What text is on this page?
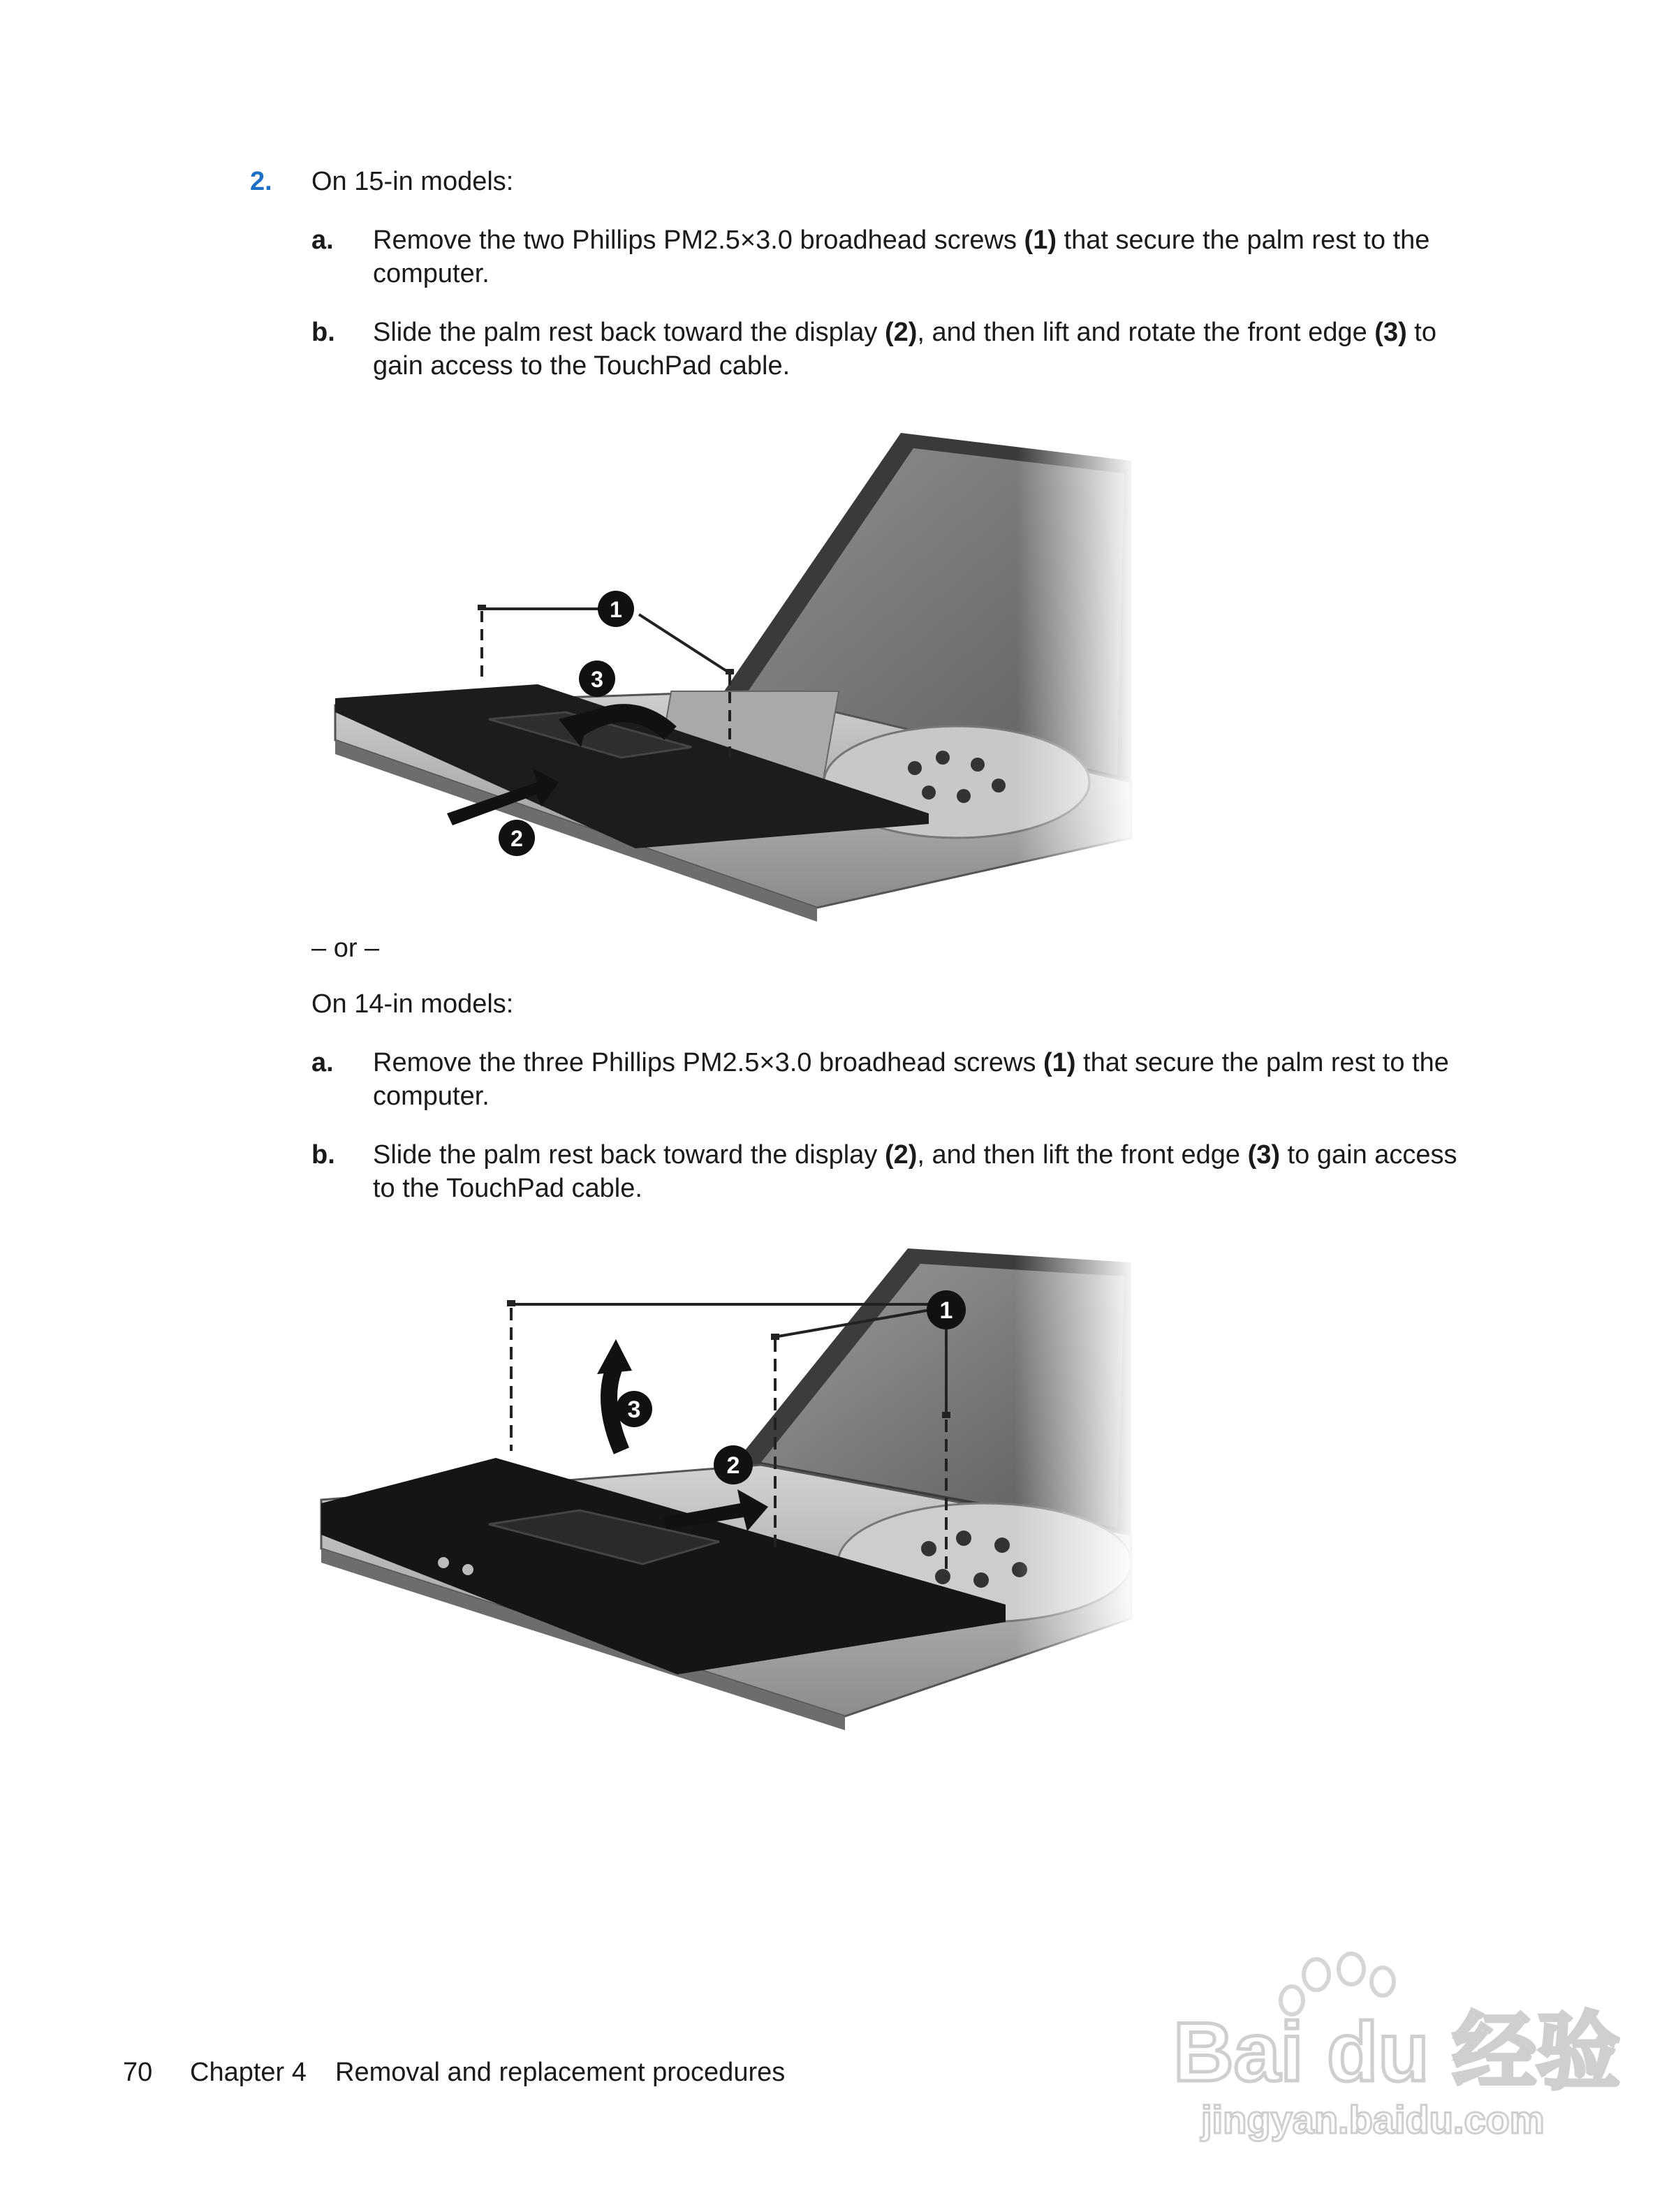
2. On 15-in models:
a. Remove the two Phillips PM2.5×3.0 broadhead screws (1) that secure the palm rest to the
computer.
b. Slide the palm rest back toward the display (2), and then lift and rotate the front edge (3) to
gain access to the TouchPad cable.
– or –
On 14-in models:
a. Remove the three Phillips PM2.5×3.0 broadhead screws (1) that secure the palm rest to the
computer.
b. Slide the palm rest back toward the display (2), and then lift the front edge (3) to gain access
to the TouchPad cable.
70 Chapter 4 Removal and replacement procedures	Bai du 经验
jingyan.baidu.com
